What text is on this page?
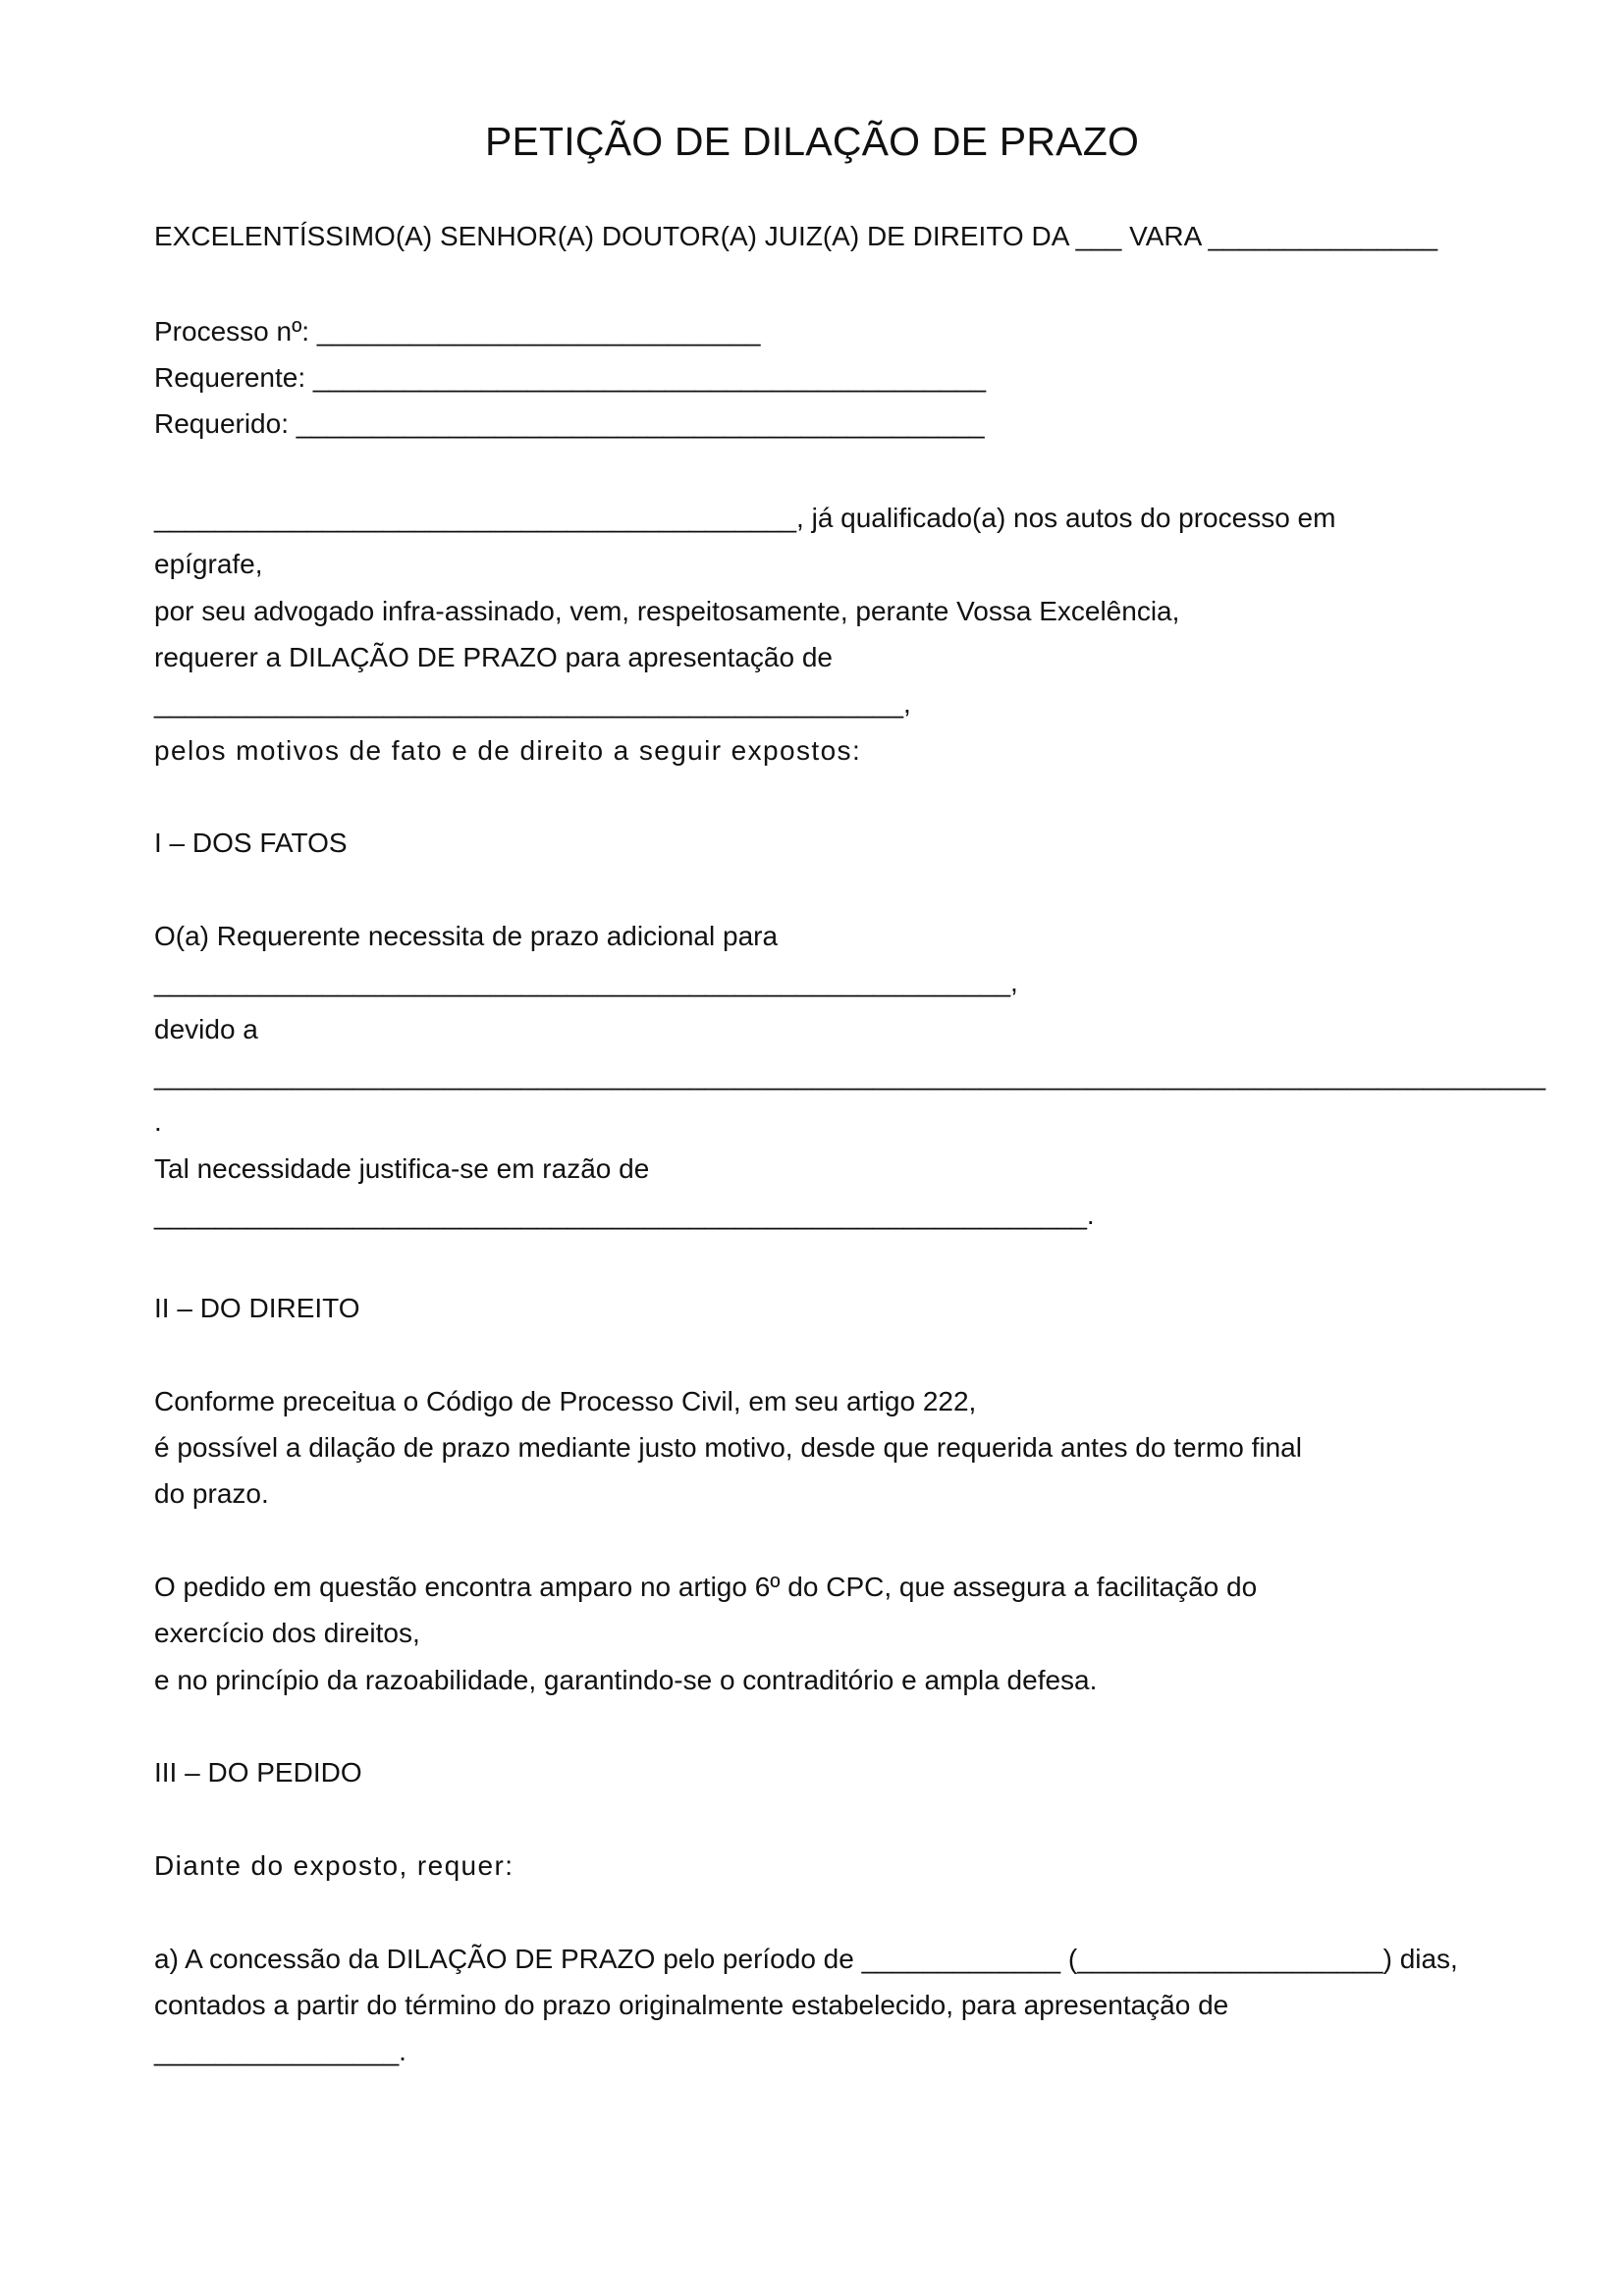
PETIÇÃO DE DILAÇÃO DE PRAZO
EXCELENTÍSSIMO(A) SENHOR(A) DOUTOR(A) JUIZ(A) DE DIREITO DA ___ VARA _______________
Processo nº: _____________________________
Requerente: ____________________________________________
Requerido: _____________________________________________
__________________________________________, já qualificado(a) nos autos do processo em
epígrafe,
por seu advogado infra-assinado, vem, respeitosamente, perante Vossa Excelência,
requerer a DILAÇÃO DE PRAZO para apresentação de
_________________________________________________,
pelos motivos de fato e de direito a seguir expostos:
I – DOS FATOS
O(a) Requerente necessita de prazo adicional para
________________________________________________________,
devido a
___________________________________________________________________________________________
.
Tal necessidade justifica-se em razão de
_____________________________________________________________.
II – DO DIREITO
Conforme preceitua o Código de Processo Civil, em seu artigo 222,
é possível a dilação de prazo mediante justo motivo, desde que requerida antes do termo final
do prazo.
O pedido em questão encontra amparo no artigo 6º do CPC, que assegura a facilitação do
exercício dos direitos,
e no princípio da razoabilidade, garantindo-se o contraditório e ampla defesa.
III – DO PEDIDO
Diante do exposto, requer:
a) A concessão da DILAÇÃO DE PRAZO pelo período de _____________ (____________________) dias,
contados a partir do término do prazo originalmente estabelecido, para apresentação de
________________.
